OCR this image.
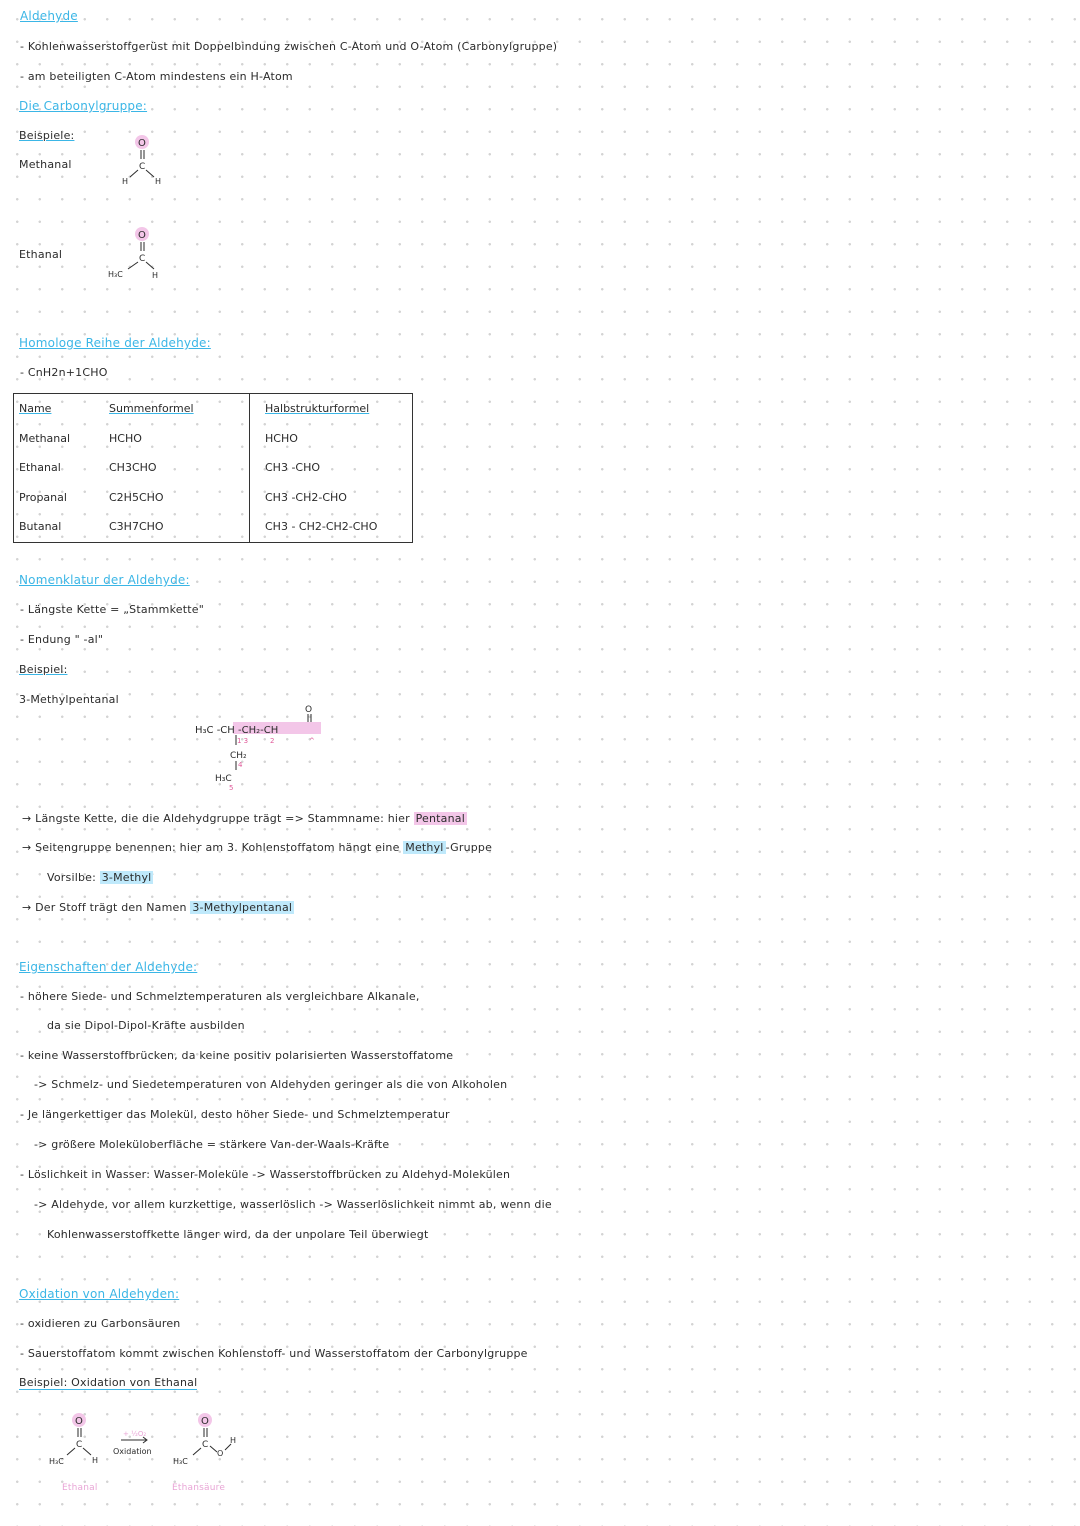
Aldehyde
- Kohlenwasserstoffgerüst mit Doppelbindung zwischen C-Atom und O-Atom (Carbonylgruppe)
- am beteiligten C-Atom mindestens ein H-Atom
Die Carbonylgruppe:
Beispiele:
Methanal
Ethanal
O
C
H	H
O
C
H₃C	H
Homologe Reihe der Aldehyde:
- CnH2n+1CHO
Name	Summenformel	Halbstrukturformel
Methanal	HCHO	HCHO
Ethanal	CH3CHO	CH3 -CHO
Propanal	C2H5CHO	CH3 -CH2-CHO
Butanal	C3H7CHO	CH3 - CH2-CH2-CHO
Nomenklatur der Aldehyde:
- Längste Kette = „Stammkette"
- Endung " -al"
Beispiel:
3-Methylpentanal
O
H₃C -CH -CH₂-CH
1 3	2	^
CH₂
H₃C
4
5
→ Längste Kette, die die Aldehydgruppe trägt => Stammname: hier Pentanal
→ Seitengruppe benennen: hier am 3. Kohlenstoffatom hängt eine Methyl -Gruppe
Vorsilbe: 3-Methyl
→ Der Stoff trägt den Namen 3-Methylpentanal
Eigenschaften der Aldehyde:
- höhere Siede- und Schmelztemperaturen als vergleichbare Alkanale,
da sie Dipol-Dipol-Kräfte ausbilden
- keine Wasserstoffbrücken, da keine positiv polarisierten Wasserstoffatome
-> Schmelz- und Siedetemperaturen von Aldehyden geringer als die von Alkoholen
- Je längerkettiger das Molekül, desto höher Siede- und Schmelztemperatur
-> größere Moleküloberfläche = stärkere Van-der-Waals-Kräfte
- Löslichkeit in Wasser: Wasser-Moleküle -> Wasserstoffbrücken zu Aldehyd-Molekülen
-> Aldehyde, vor allem kurzkettige, wasserlöslich -> Wasserlöslichkeit nimmt ab, wenn die
Kohlenwasserstoffkette länger wird, da der unpolare Teil überwiegt
Oxidation von Aldehyden:
- oxidieren zu Carbonsäuren
- Sauerstoffatom kommt zwischen Kohlenstoff- und Wasserstoffatom der Carbonylgruppe
Beispiel: Oxidation von Ethanal
O
C
H₃C	H
+ ½O₂
Oxidation
O
C
O
H
H₃C
Ethanal	Ethansäure
